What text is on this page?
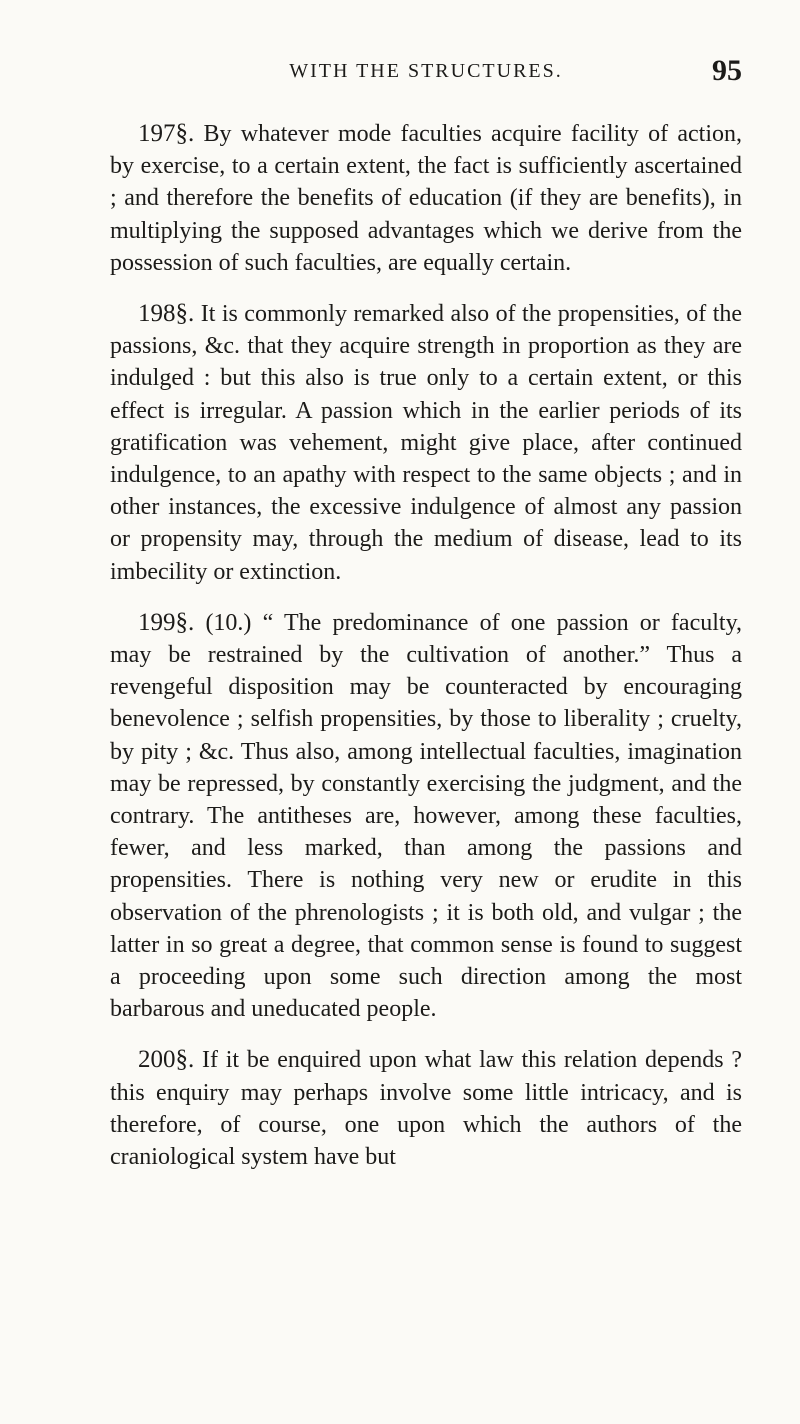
WITH THE STRUCTURES.	95

197§. By whatever mode faculties acquire facility of action, by exercise, to a certain extent, the fact is sufficiently ascertained ; and therefore the benefits of education (if they are benefits), in multiplying the supposed advantages which we derive from the possession of such faculties, are equally certain.

198§. It is commonly remarked also of the propensities, of the passions, &c. that they acquire strength in proportion as they are indulged : but this also is true only to a certain extent, or this effect is irregular. A passion which in the earlier periods of its gratification was vehement, might give place, after continued indulgence, to an apathy with respect to the same objects ; and in other instances, the excessive indulgence of almost any passion or propensity may, through the medium of disease, lead to its imbecility or extinction.

199§. (10.) “ The predominance of one passion or faculty, may be restrained by the cultivation of another.” Thus a revengeful disposition may be counteracted by encouraging benevolence ; selfish propensities, by those to liberality ; cruelty, by pity ; &c. Thus also, among intellectual faculties, imagination may be repressed, by constantly exercising the judgment, and the contrary. The antitheses are, however, among these faculties, fewer, and less marked, than among the passions and propensities. There is nothing very new or erudite in this observation of the phrenologists ; it is both old, and vulgar ; the latter in so great a degree, that common sense is found to suggest a proceeding upon some such direction among the most barbarous and uneducated people.

200§. If it be enquired upon what law this relation depends ? this enquiry may perhaps involve some little intricacy, and is therefore, of course, one upon which the authors of the craniological system have but
